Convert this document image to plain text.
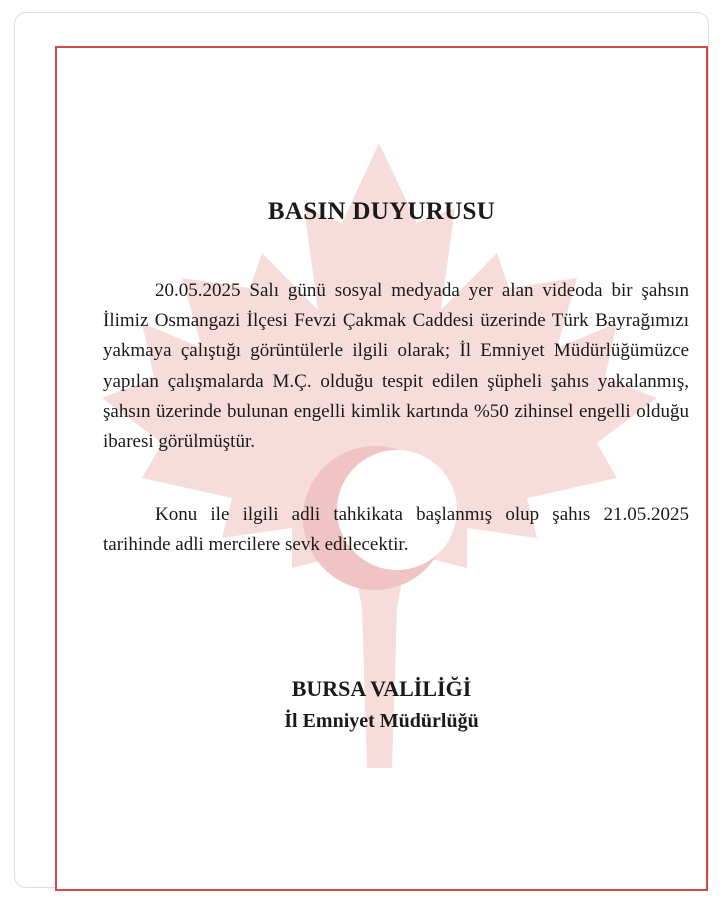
BASIN DUYURUSU

20.05.2025 Salı günü sosyal medyada yer alan videoda bir şahsın İlimiz Osmangazi İlçesi Fevzi Çakmak Caddesi üzerinde Türk Bayrağımızı yakmaya çalıştığı görüntülerle ilgili olarak; İl Emniyet Müdürlüğümüzce yapılan çalışmalarda M.Ç. olduğu tespit edilen şüpheli şahıs yakalanmış, şahsın üzerinde bulunan engelli kimlik kartında %50 zihinsel engelli olduğu ibaresi görülmüştür.

Konu ile ilgili adli tahkikata başlanmış olup şahıs 21.05.2025 tarihinde adli mercilere sevk edilecektir.

BURSA VALİLİĞİ
İl Emniyet Müdürlüğü
